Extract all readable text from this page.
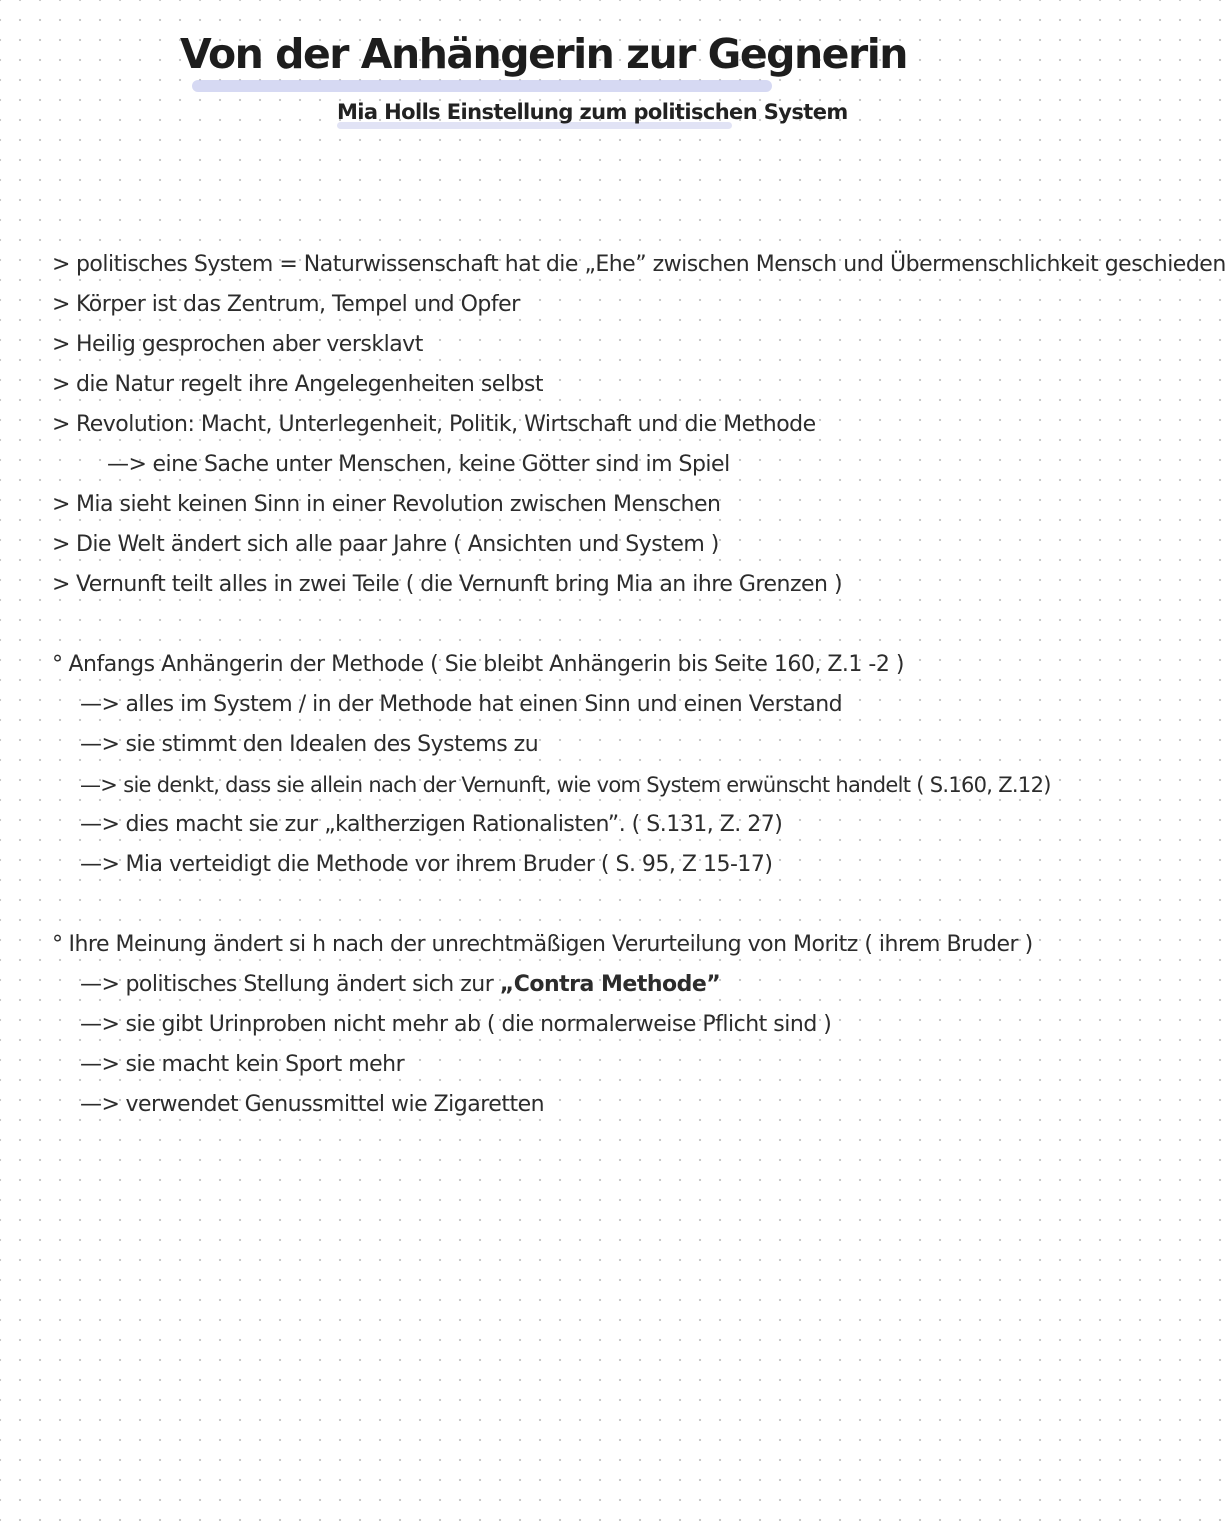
Von der Anhängerin zur Gegnerin
Mia Holls Einstellung zum politischen System
> politisches System = Naturwissenschaft hat die „Ehe” zwischen Mensch und Übermenschlichkeit geschieden
> Körper ist das Zentrum, Tempel und Opfer
> Heilig gesprochen aber versklavt
> die Natur regelt ihre Angelegenheiten selbst
> Revolution: Macht, Unterlegenheit, Politik, Wirtschaft und die Methode
—> eine Sache unter Menschen, keine Götter sind im Spiel
> Mia sieht keinen Sinn in einer Revolution zwischen Menschen
> Die Welt ändert sich alle paar Jahre ( Ansichten und System )
> Vernunft teilt alles in zwei Teile ( die Vernunft bring Mia an ihre Grenzen )
° Anfangs Anhängerin der Methode ( Sie bleibt Anhängerin bis Seite 160, Z.1 -2 )
—> alles im System / in der Methode hat einen Sinn und einen Verstand
—> sie stimmt den Idealen des Systems zu
—> sie denkt, dass sie allein nach der Vernunft, wie vom System erwünscht handelt ( S.160, Z.12)
—> dies macht sie zur „kaltherzigen Rationalisten”. ( S.131, Z. 27)
—> Mia verteidigt die Methode vor ihrem Bruder ( S. 95, Z 15-17)
° Ihre Meinung ändert si h nach der unrechtmäßigen Verurteilung von Moritz ( ihrem Bruder )
—> politisches Stellung ändert sich zur „Contra Methode”
—> sie gibt Urinproben nicht mehr ab ( die normalerweise Pflicht sind )
—> sie macht kein Sport mehr
—> verwendet Genussmittel wie Zigaretten
